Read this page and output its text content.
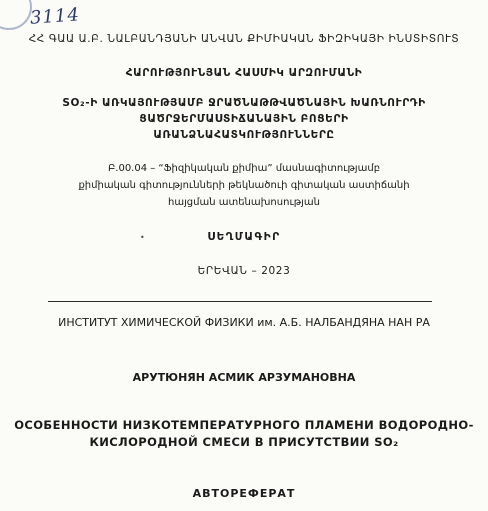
3114
ՀՀ ԳԱԱ Ա.Բ. ՆԱԼԲԱՆԴՅԱՆԻ ԱՆՎԱՆ ՔԻՄԻԱԿԱՆ ՖԻԶԻԿԱՅԻ ԻՆՍՏԻՏՈՒՏ
ՀԱՐՈՒԹՅՈՒՆՅԱՆ ՀԱՍՄԻԿ ԱՐԶՈՒՄԱՆԻ
SO₂-Ի ԱՌԿԱՅՈՒԹՅԱՄԲ ՋՐԱԾՆԱԹԹՎԱԾՆԱՅԻՆ ԽԱՌՆՈՒՐԴԻ
ՑԱԾՐՋԵՐՄԱՍՏԻՃԱՆԱՅԻՆ ԲՈՑԵՐԻ
ԱՌԱՆՁՆԱՀԱՏԿՈՒԹՅՈՒՆՆԵՐԸ
Բ.00.04 – “Ֆիզիկական քիմիա” մասնագիտությամբ
քիմիական գիտությունների թեկնածուի գիտական աստիճանի
հայցման ատենախոսության
•	ՍԵՂՄԱԳԻՐ
ԵՐԵՎԱՆ – 2023
ИНСТИТУТ ХИМИЧЕСКОЙ ФИЗИКИ им. А.Б. НАЛБАНДЯНА НАН РА
АРУТЮНЯН АСМИК АРЗУМАНОВНА
ОСОБЕННОСТИ НИЗКОТЕМПЕРАТУРНОГО ПЛАМЕНИ ВОДОРОДНО-
КИСЛОРОДНОЙ СМЕСИ В ПРИСУТСТВИИ SO₂
АВТОРЕФЕРАТ
